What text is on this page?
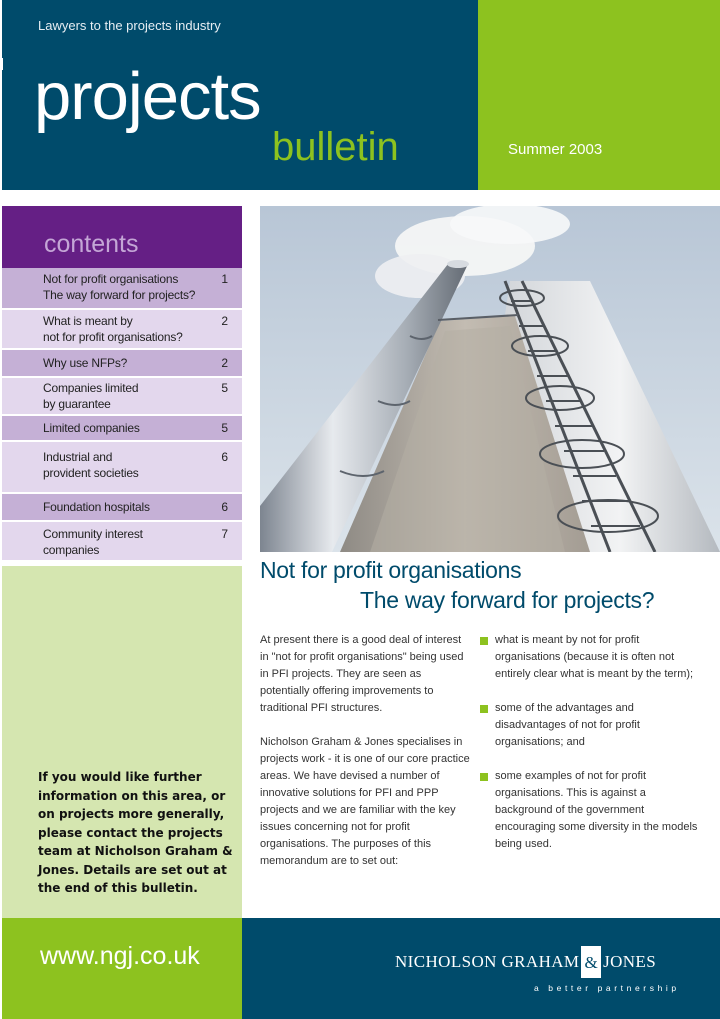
Lawyers to the projects industry
projects
bulletin	Summer 2003
contents
Not for profit organisations
The way forward for projects?
1
What is meant by
not for profit organisations?
2
Why use NFPs?	2
Companies limited
by guarantee
5
Limited companies	5
Industrial and
provident societies
6
Foundation hospitals	6
Community interest
companies
7
If you would like further information on this area, or on projects more generally, please contact the projects team at Nicholson Graham & Jones. Details are set out at the end of this bulletin.
Not for profit organisations
The way forward for projects?

At present there is a good deal of interest in "not for profit organisations" being used in PFI projects. They are seen as potentially offering improvements to traditional PFI structures.

Nicholson Graham & Jones specialises in projects work - it is one of our core practice areas. We have devised a number of innovative solutions for PFI and PPP projects and we are familiar with the key issues concerning not for profit organisations. The purposes of this memorandum are to set out:

what is meant by not for profit organisations (because it is often not entirely clear what is meant by the term);
some of the advantages and disadvantages of not for profit organisations; and
some examples of not for profit organisations. This is against a background of the government encouraging some diversity in the models being used.
www.ngj.co.uk	NICHOLSON GRAHAM & JONES
a better partnership
